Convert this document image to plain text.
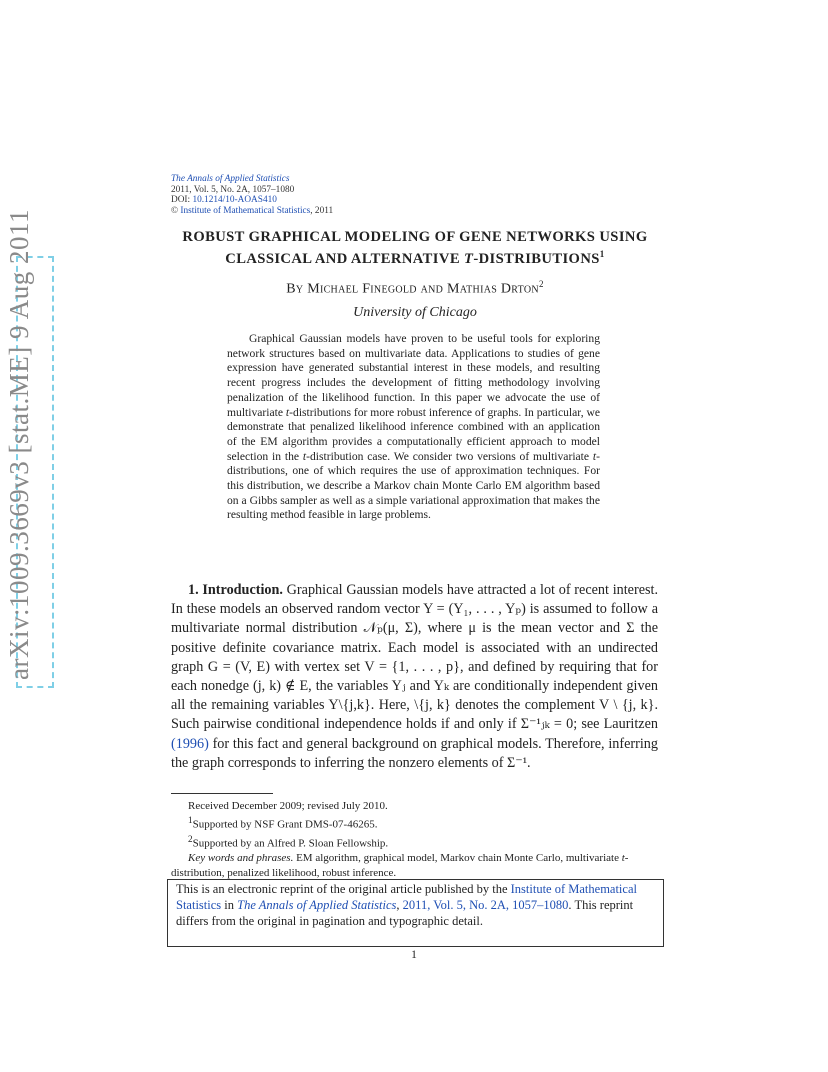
arXiv:1009.3669v3 [stat.ME] 9 Aug 2011
The Annals of Applied Statistics
2011, Vol. 5, No. 2A, 1057–1080
DOI: 10.1214/10-AOAS410
© Institute of Mathematical Statistics, 2011
ROBUST GRAPHICAL MODELING OF GENE NETWORKS USING
CLASSICAL AND ALTERNATIVE T-DISTRIBUTIONS$^1$
By Michael Finegold and Mathias Drton$^2$
University of Chicago

Graphical Gaussian models have proven to be useful tools for exploring network structures based on multivariate data. Applications to studies of gene expression have generated substantial interest in these models, and resulting recent progress includes the development of fitting methodology involving penalization of the likelihood function. In this paper we advocate the use of multivariate t-distributions for more robust inference of graphs. In particular, we demonstrate that penalized likelihood inference combined with an application of the EM algorithm provides a computationally efficient approach to model selection in the t-distribution case. We consider two versions of multivariate t-distributions, one of which requires the use of approximation techniques. For this distribution, we describe a Markov chain Monte Carlo EM algorithm based on a Gibbs sampler as well as a simple variational approximation that makes the resulting method feasible in large problems.

1. Introduction. Graphical Gaussian models have attracted a lot of recent interest. In these models an observed random vector Y = (Y₁, . . . , Yₚ) is assumed to follow a multivariate normal distribution 𝒩ₚ(μ, Σ), where μ is the mean vector and Σ the positive definite covariance matrix. Each model is associated with an undirected graph G = (V, E) with vertex set V = {1, . . . , p}, and defined by requiring that for each nonedge (j, k) ∉ E, the variables Yⱼ and Yₖ are conditionally independent given all the remaining variables Y\{j,k}. Here, \{j, k} denotes the complement V \ {j, k}. Such pairwise conditional independence holds if and only if Σ⁻¹ⱼₖ = 0; see Lauritzen (1996) for this fact and general background on graphical models. Therefore, inferring the graph corresponds to inferring the nonzero elements of Σ⁻¹.

Received December 2009; revised July 2010.

$^1$Supported by NSF Grant DMS-07-46265.

$^2$Supported by an Alfred P. Sloan Fellowship.

Key words and phrases. EM algorithm, graphical model, Markov chain Monte Carlo, multivariate t-distribution, penalized likelihood, robust inference.

This is an electronic reprint of the original article published by the Institute of Mathematical Statistics in The Annals of Applied Statistics, 2011, Vol. 5, No. 2A, 1057–1080. This reprint differs from the original in pagination and typographic detail.
1
